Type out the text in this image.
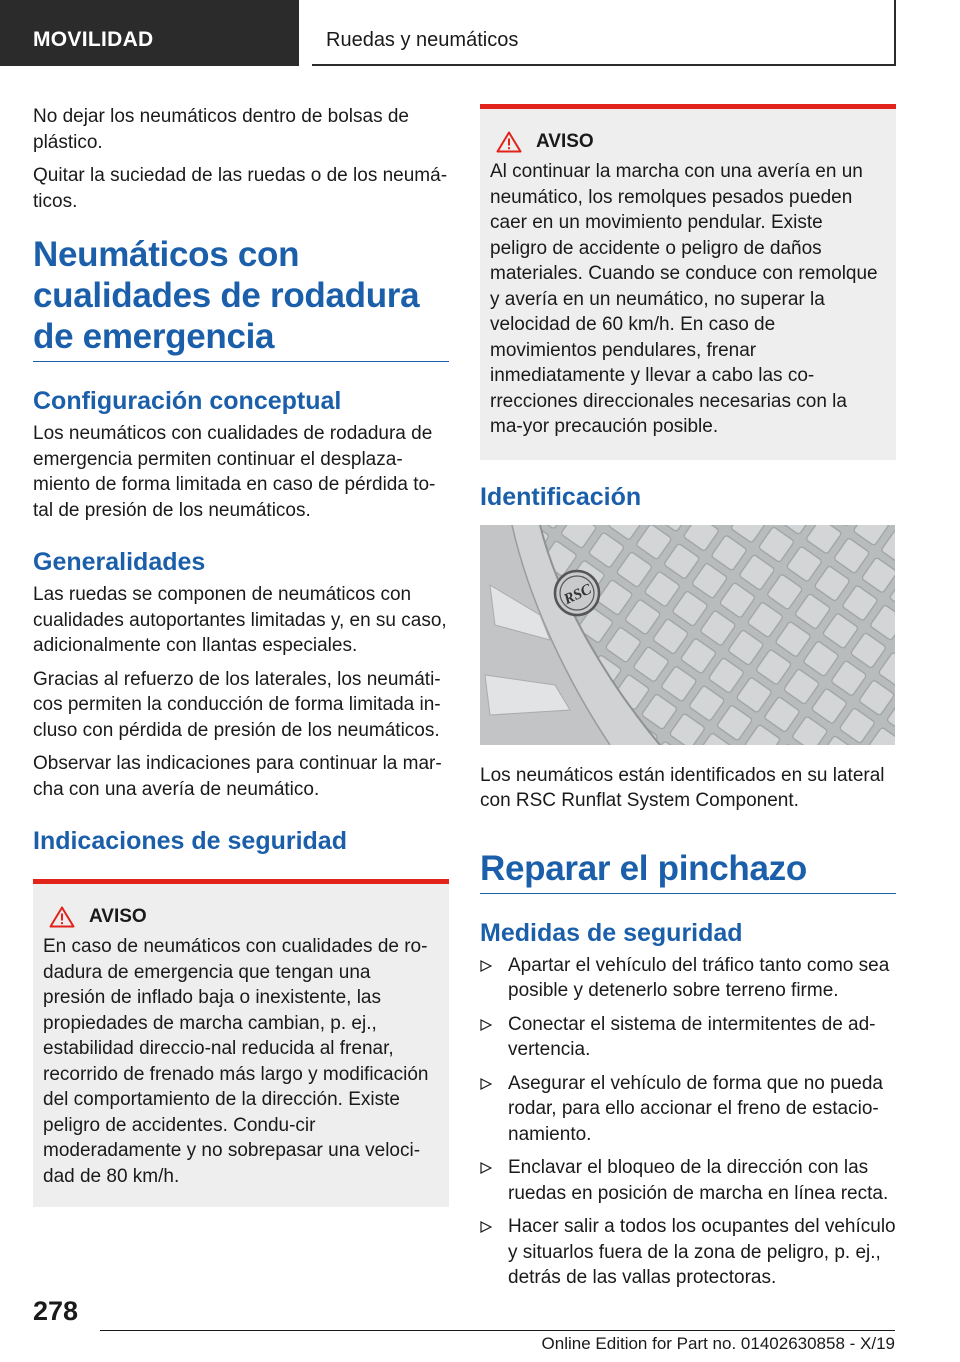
MOVILIDAD	Ruedas y neumáticos

No dejar los neumáticos dentro de bolsas de plástico.

Quitar la suciedad de las ruedas o de los neumá-ticos.

Neumáticos con cualidades de rodadura de emergencia
Configuración conceptual

Los neumáticos con cualidades de rodadura de emergencia permiten continuar el desplaza-miento de forma limitada en caso de pérdida to-tal de presión de los neumáticos.

Generalidades

Las ruedas se componen de neumáticos con cualidades autoportantes limitadas y, en su caso, adicionalmente con llantas especiales.

Gracias al refuerzo de los laterales, los neumáti-cos permiten la conducción de forma limitada in-cluso con pérdida de presión de los neumáticos.

Observar las indicaciones para continuar la mar-cha con una avería de neumático.

Indicaciones de seguridad
AVISO

En caso de neumáticos con cualidades de ro-dadura de emergencia que tengan una presión de inflado baja o inexistente, las propiedades de marcha cambian, p. ej., estabilidad direccio-nal reducida al frenar, recorrido de frenado más largo y modificación del comportamiento de la dirección. Existe peligro de accidentes. Condu-cir moderadamente y no sobrepasar una veloci-dad de 80 km/h.

AVISO

Al continuar la marcha con una avería en un neumático, los remolques pesados pueden caer en un movimiento pendular. Existe peligro de accidente o peligro de daños materiales. Cuando se conduce con remolque y avería en un neumático, no superar la velocidad de 60 km/h. En caso de movimientos pendulares, frenar inmediatamente y llevar a cabo las co-rrecciones direccionales necesarias con la ma-yor precaución posible.

Identificación
RSC

Los neumáticos están identificados en su lateral con RSC Runflat System Component.

Reparar el pinchazo
Medidas de seguridad
Apartar el vehículo del tráfico tanto como sea posible y detenerlo sobre terreno firme.
Conectar el sistema de intermitentes de ad-vertencia.
Asegurar el vehículo de forma que no pueda rodar, para ello accionar el freno de estacio-namiento.
Enclavar el bloqueo de la dirección con las ruedas en posición de marcha en línea recta.
Hacer salir a todos los ocupantes del vehículo y situarlos fuera de la zona de peligro, p. ej., detrás de las vallas protectoras.
278
Online Edition for Part no. 01402630858 - X/19
